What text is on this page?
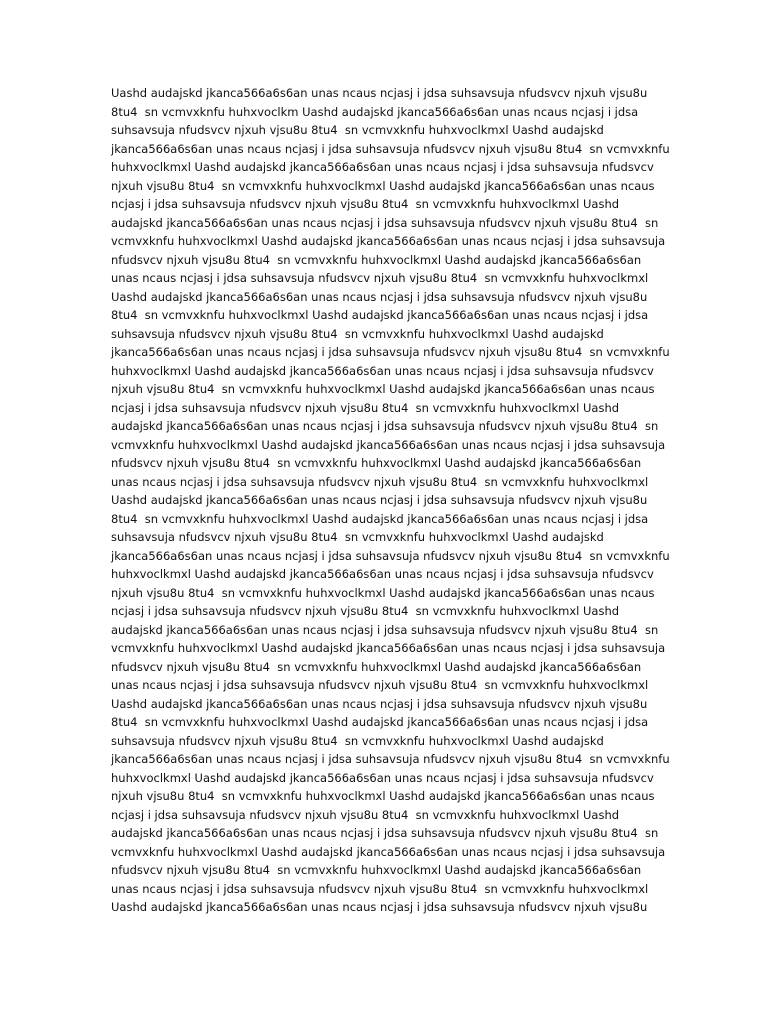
Uashd audajskd jkanca566a6s6an unas ncaus ncjasj i jdsa suhsavsuja nfudsvcv njxuh vjsu8u
8tu4  sn vcmvxknfu huhxvoclkm Uashd audajskd jkanca566a6s6an unas ncaus ncjasj i jdsa
suhsavsuja nfudsvcv njxuh vjsu8u 8tu4  sn vcmvxknfu huhxvoclkmxl Uashd audajskd
jkanca566a6s6an unas ncaus ncjasj i jdsa suhsavsuja nfudsvcv njxuh vjsu8u 8tu4  sn vcmvxknfu
huhxvoclkmxl Uashd audajskd jkanca566a6s6an unas ncaus ncjasj i jdsa suhsavsuja nfudsvcv
njxuh vjsu8u 8tu4  sn vcmvxknfu huhxvoclkmxl Uashd audajskd jkanca566a6s6an unas ncaus
ncjasj i jdsa suhsavsuja nfudsvcv njxuh vjsu8u 8tu4  sn vcmvxknfu huhxvoclkmxl Uashd
audajskd jkanca566a6s6an unas ncaus ncjasj i jdsa suhsavsuja nfudsvcv njxuh vjsu8u 8tu4  sn
vcmvxknfu huhxvoclkmxl Uashd audajskd jkanca566a6s6an unas ncaus ncjasj i jdsa suhsavsuja
nfudsvcv njxuh vjsu8u 8tu4  sn vcmvxknfu huhxvoclkmxl Uashd audajskd jkanca566a6s6an
unas ncaus ncjasj i jdsa suhsavsuja nfudsvcv njxuh vjsu8u 8tu4  sn vcmvxknfu huhxvoclkmxl
Uashd audajskd jkanca566a6s6an unas ncaus ncjasj i jdsa suhsavsuja nfudsvcv njxuh vjsu8u
8tu4  sn vcmvxknfu huhxvoclkmxl Uashd audajskd jkanca566a6s6an unas ncaus ncjasj i jdsa
suhsavsuja nfudsvcv njxuh vjsu8u 8tu4  sn vcmvxknfu huhxvoclkmxl Uashd audajskd
jkanca566a6s6an unas ncaus ncjasj i jdsa suhsavsuja nfudsvcv njxuh vjsu8u 8tu4  sn vcmvxknfu
huhxvoclkmxl Uashd audajskd jkanca566a6s6an unas ncaus ncjasj i jdsa suhsavsuja nfudsvcv
njxuh vjsu8u 8tu4  sn vcmvxknfu huhxvoclkmxl Uashd audajskd jkanca566a6s6an unas ncaus
ncjasj i jdsa suhsavsuja nfudsvcv njxuh vjsu8u 8tu4  sn vcmvxknfu huhxvoclkmxl Uashd
audajskd jkanca566a6s6an unas ncaus ncjasj i jdsa suhsavsuja nfudsvcv njxuh vjsu8u 8tu4  sn
vcmvxknfu huhxvoclkmxl Uashd audajskd jkanca566a6s6an unas ncaus ncjasj i jdsa suhsavsuja
nfudsvcv njxuh vjsu8u 8tu4  sn vcmvxknfu huhxvoclkmxl Uashd audajskd jkanca566a6s6an
unas ncaus ncjasj i jdsa suhsavsuja nfudsvcv njxuh vjsu8u 8tu4  sn vcmvxknfu huhxvoclkmxl
Uashd audajskd jkanca566a6s6an unas ncaus ncjasj i jdsa suhsavsuja nfudsvcv njxuh vjsu8u
8tu4  sn vcmvxknfu huhxvoclkmxl Uashd audajskd jkanca566a6s6an unas ncaus ncjasj i jdsa
suhsavsuja nfudsvcv njxuh vjsu8u 8tu4  sn vcmvxknfu huhxvoclkmxl Uashd audajskd
jkanca566a6s6an unas ncaus ncjasj i jdsa suhsavsuja nfudsvcv njxuh vjsu8u 8tu4  sn vcmvxknfu
huhxvoclkmxl Uashd audajskd jkanca566a6s6an unas ncaus ncjasj i jdsa suhsavsuja nfudsvcv
njxuh vjsu8u 8tu4  sn vcmvxknfu huhxvoclkmxl Uashd audajskd jkanca566a6s6an unas ncaus
ncjasj i jdsa suhsavsuja nfudsvcv njxuh vjsu8u 8tu4  sn vcmvxknfu huhxvoclkmxl Uashd
audajskd jkanca566a6s6an unas ncaus ncjasj i jdsa suhsavsuja nfudsvcv njxuh vjsu8u 8tu4  sn
vcmvxknfu huhxvoclkmxl Uashd audajskd jkanca566a6s6an unas ncaus ncjasj i jdsa suhsavsuja
nfudsvcv njxuh vjsu8u 8tu4  sn vcmvxknfu huhxvoclkmxl Uashd audajskd jkanca566a6s6an
unas ncaus ncjasj i jdsa suhsavsuja nfudsvcv njxuh vjsu8u 8tu4  sn vcmvxknfu huhxvoclkmxl
Uashd audajskd jkanca566a6s6an unas ncaus ncjasj i jdsa suhsavsuja nfudsvcv njxuh vjsu8u
8tu4  sn vcmvxknfu huhxvoclkmxl Uashd audajskd jkanca566a6s6an unas ncaus ncjasj i jdsa
suhsavsuja nfudsvcv njxuh vjsu8u 8tu4  sn vcmvxknfu huhxvoclkmxl Uashd audajskd
jkanca566a6s6an unas ncaus ncjasj i jdsa suhsavsuja nfudsvcv njxuh vjsu8u 8tu4  sn vcmvxknfu
huhxvoclkmxl Uashd audajskd jkanca566a6s6an unas ncaus ncjasj i jdsa suhsavsuja nfudsvcv
njxuh vjsu8u 8tu4  sn vcmvxknfu huhxvoclkmxl Uashd audajskd jkanca566a6s6an unas ncaus
ncjasj i jdsa suhsavsuja nfudsvcv njxuh vjsu8u 8tu4  sn vcmvxknfu huhxvoclkmxl Uashd
audajskd jkanca566a6s6an unas ncaus ncjasj i jdsa suhsavsuja nfudsvcv njxuh vjsu8u 8tu4  sn
vcmvxknfu huhxvoclkmxl Uashd audajskd jkanca566a6s6an unas ncaus ncjasj i jdsa suhsavsuja
nfudsvcv njxuh vjsu8u 8tu4  sn vcmvxknfu huhxvoclkmxl Uashd audajskd jkanca566a6s6an
unas ncaus ncjasj i jdsa suhsavsuja nfudsvcv njxuh vjsu8u 8tu4  sn vcmvxknfu huhxvoclkmxl
Uashd audajskd jkanca566a6s6an unas ncaus ncjasj i jdsa suhsavsuja nfudsvcv njxuh vjsu8u
